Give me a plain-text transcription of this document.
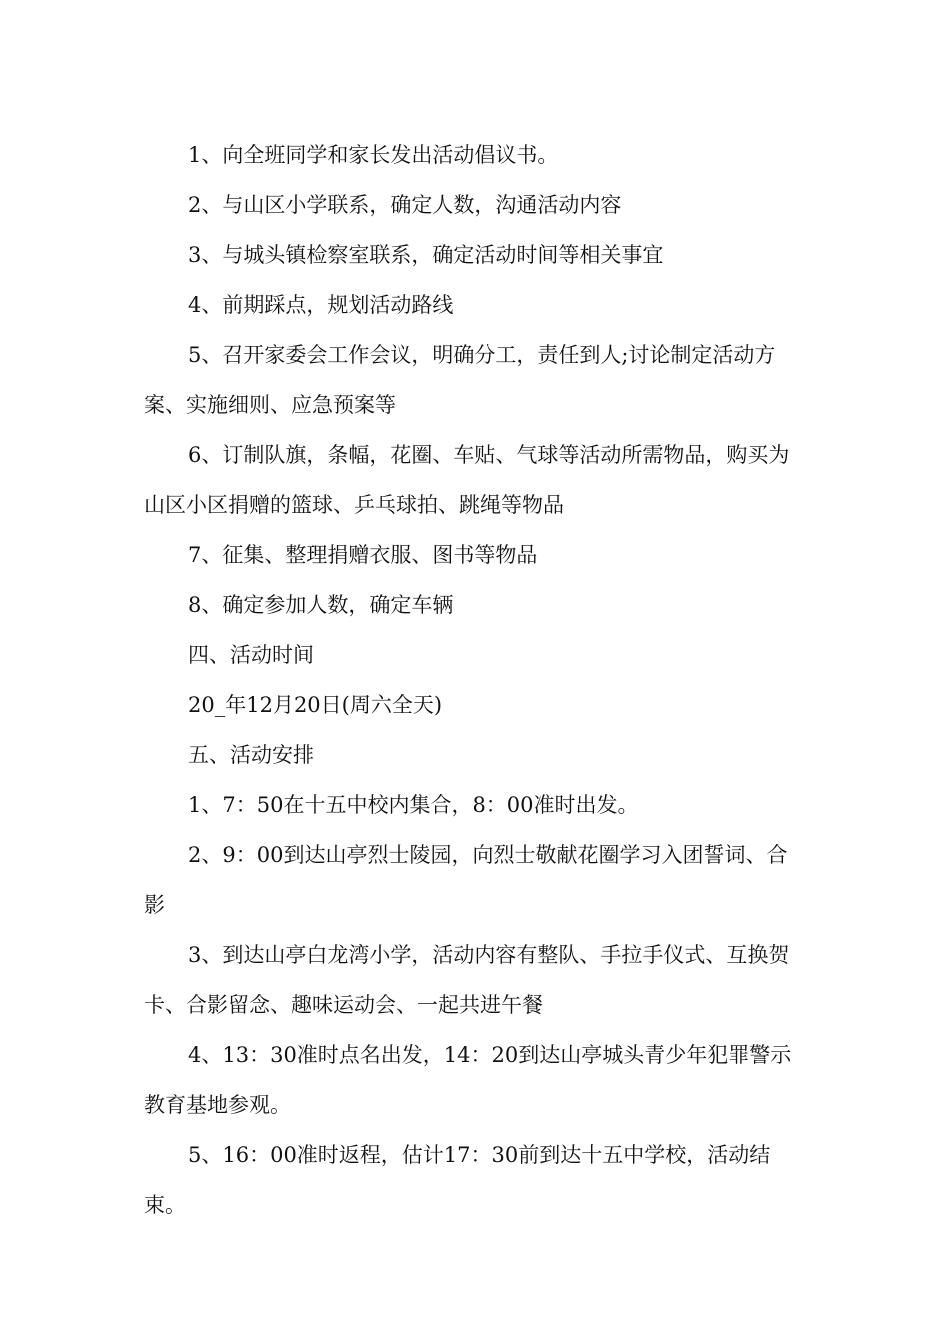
1、向全班同学和家长发出活动倡议书。

2、与山区小学联系，确定人数，沟通活动内容

3、与城头镇检察室联系，确定活动时间等相关事宜

4、前期踩点，规划活动路线

5、召开家委会工作会议，明确分工，责任到人;讨论制定活动方案、实施细则、应急预案等

6、订制队旗，条幅，花圈、车贴、气球等活动所需物品，购买为山区小区捐赠的篮球、乒乓球拍、跳绳等物品

7、征集、整理捐赠衣服、图书等物品

8、确定参加人数，确定车辆

四、活动时间

20_年12月20日(周六全天)

五、活动安排

1、7：50在十五中校内集合，8：00准时出发。

2、9：00到达山亭烈士陵园，向烈士敬献花圈学习入团誓词、合影

3、到达山亭白龙湾小学，活动内容有整队、手拉手仪式、互换贺卡、合影留念、趣味运动会、一起共进午餐

4、13：30准时点名出发，14：20到达山亭城头青少年犯罪警示教育基地参观。

5、16：00准时返程，估计17：30前到达十五中学校，活动结束。
